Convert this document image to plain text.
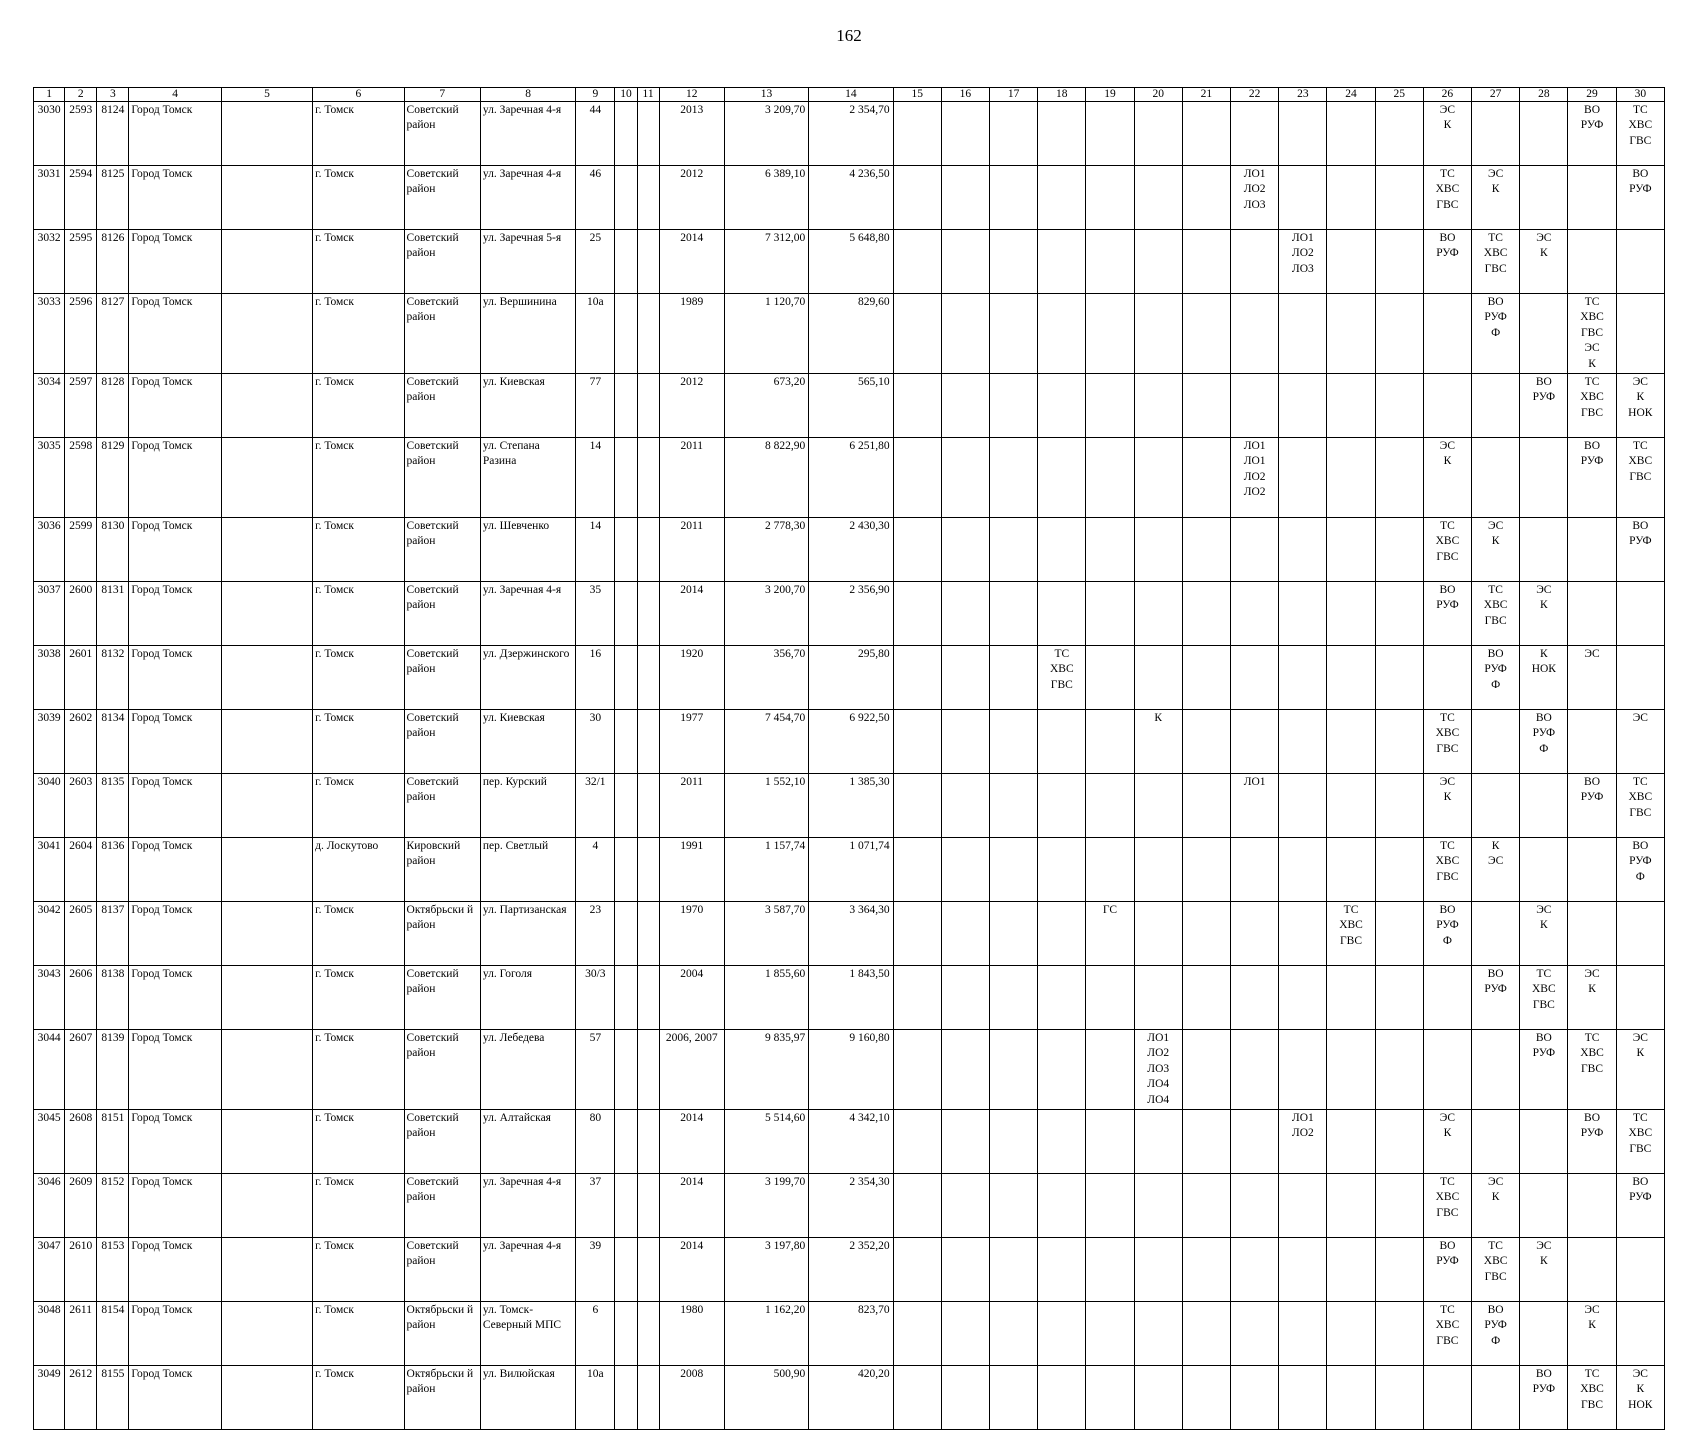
162
1	2	3	4	5	6	7	8	9	10	11	12	13	14	15	16	17	18	19	20	21	22	23	24	25	26	27	28	29	30

3030	2593	8124	Город Томск		г. Томск	Советский район	ул. Заречная 4-я	44			2013	3 209,70	2 354,70												ЭС К			ВО РУФ	ТС ХВС ГВС

3031	2594	8125	Город Томск		г. Томск	Советский район	ул. Заречная 4-я	46			2012	6 389,10	4 236,50								ЛО1 ЛО2 ЛО3				ТС ХВС ГВС	ЭС К			ВО РУФ

3032	2595	8126	Город Томск		г. Томск	Советский район	ул. Заречная 5-я	25			2014	7 312,00	5 648,80									ЛО1 ЛО2 ЛО3			ВО РУФ	ТС ХВС ГВС	ЭС К		

3033	2596	8127	Город Томск		г. Томск	Советский район	ул. Вершинина	10а			1989	1 120,70	829,60													ВО РУФ Ф		ТС ХВС ГВС ЭС К	

3034	2597	8128	Город Томск		г. Томск	Советский район	ул. Киевская	77			2012	673,20	565,10														ВО РУФ	ТС ХВС ГВС	ЭС К НОК

3035	2598	8129	Город Томск		г. Томск	Советский район	ул. Степана Разина	14			2011	8 822,90	6 251,80								ЛО1 ЛО1 ЛО2 ЛО2				ЭС К			ВО РУФ	ТС ХВС ГВС

3036	2599	8130	Город Томск		г. Томск	Советский район	ул. Шевченко	14			2011	2 778,30	2 430,30												ТС ХВС ГВС	ЭС К			ВО РУФ

3037	2600	8131	Город Томск		г. Томск	Советский район	ул. Заречная 4-я	35			2014	3 200,70	2 356,90												ВО РУФ	ТС ХВС ГВС	ЭС К		

3038	2601	8132	Город Томск		г. Томск	Советский район	ул. Дзержинского	16			1920	356,70	295,80				ТС ХВС ГВС									ВО РУФ Ф	К НОК	ЭС	

3039	2602	8134	Город Томск		г. Томск	Советский район	ул. Киевская	30			1977	7 454,70	6 922,50						К						ТС ХВС ГВС		ВО РУФ Ф		ЭС

3040	2603	8135	Город Томск		г. Томск	Советский район	пер. Курский	32/1			2011	1 552,10	1 385,30								ЛО1				ЭС К			ВО РУФ	ТС ХВС ГВС

3041	2604	8136	Город Томск		д. Лоскутово	Кировский район	пер. Светлый	4			1991	1 157,74	1 071,74												ТС ХВС ГВС	К ЭС			ВО РУФ Ф

3042	2605	8137	Город Томск		г. Томск	Октябрьски й район	ул. Партизанская	23			1970	3 587,70	3 364,30					ГС					ТС ХВС ГВС		ВО РУФ Ф		ЭС К		

3043	2606	8138	Город Томск		г. Томск	Советский район	ул. Гоголя	30/3			2004	1 855,60	1 843,50													ВО РУФ	ТС ХВС ГВС	ЭС К	

3044	2607	8139	Город Томск		г. Томск	Советский район	ул. Лебедева	57			2006, 2007	9 835,97	9 160,80						ЛО1 ЛО2 ЛО3 ЛО4 ЛО4								ВО РУФ	ТС ХВС ГВС	ЭС К

3045	2608	8151	Город Томск		г. Томск	Советский район	ул. Алтайская	80			2014	5 514,60	4 342,10									ЛО1 ЛО2			ЭС К			ВО РУФ	ТС ХВС ГВС

3046	2609	8152	Город Томск		г. Томск	Советский район	ул. Заречная 4-я	37			2014	3 199,70	2 354,30												ТС ХВС ГВС	ЭС К			ВО РУФ

3047	2610	8153	Город Томск		г. Томск	Советский район	ул. Заречная 4-я	39			2014	3 197,80	2 352,20												ВО РУФ	ТС ХВС ГВС	ЭС К		

3048	2611	8154	Город Томск		г. Томск	Октябрьски й район	ул. Томск-Северный МПС	6			1980	1 162,20	823,70												ТС ХВС ГВС	ВО РУФ Ф		ЭС К	

3049	2612	8155	Город Томск		г. Томск	Октябрьски й район	ул. Вилюйская	10а			2008	500,90	420,20														ВО РУФ	ТС ХВС ГВС	ЭС К НОК
